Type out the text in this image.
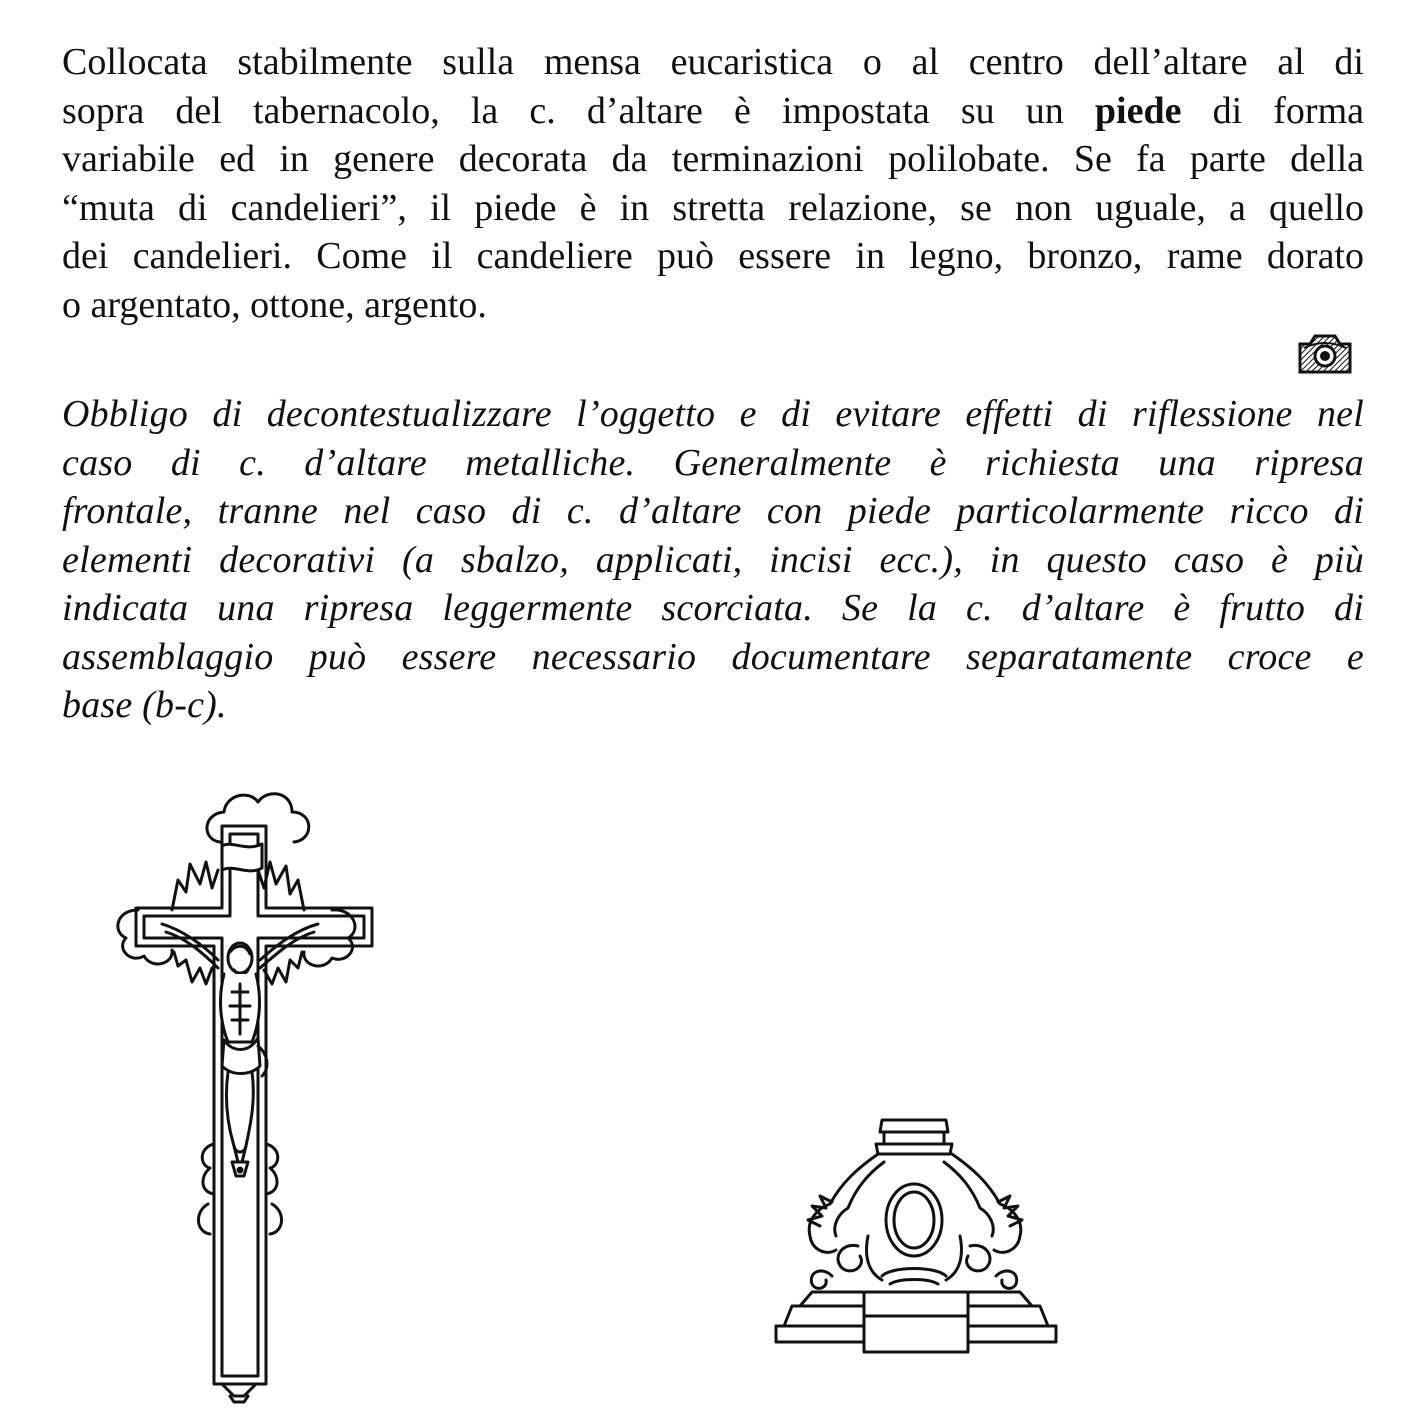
Collocata stabilmente sulla mensa eucaristica o al centro dell’altare al di
sopra del tabernacolo, la c. d’altare è impostata su un piede di forma
variabile ed in genere decorata da terminazioni polilobate. Se fa parte della
“muta di candelieri”, il piede è in stretta relazione, se non uguale, a quello
dei candelieri. Come il candeliere può essere in legno, bronzo, rame dorato
o argentato, ottone, argento.

Obbligo di decontestualizzare l’oggetto e di evitare effetti di riflessione nel
caso di c. d’altare metalliche. Generalmente è richiesta una ripresa
frontale, tranne nel caso di c. d’altare con piede particolarmente ricco di
elementi decorativi (a sbalzo, applicati, incisi ecc.), in questo caso è più
indicata una ripresa leggermente scorciata. Se la c. d’altare è frutto di
assemblaggio può essere necessario documentare separatamente croce e
base (b-c).
